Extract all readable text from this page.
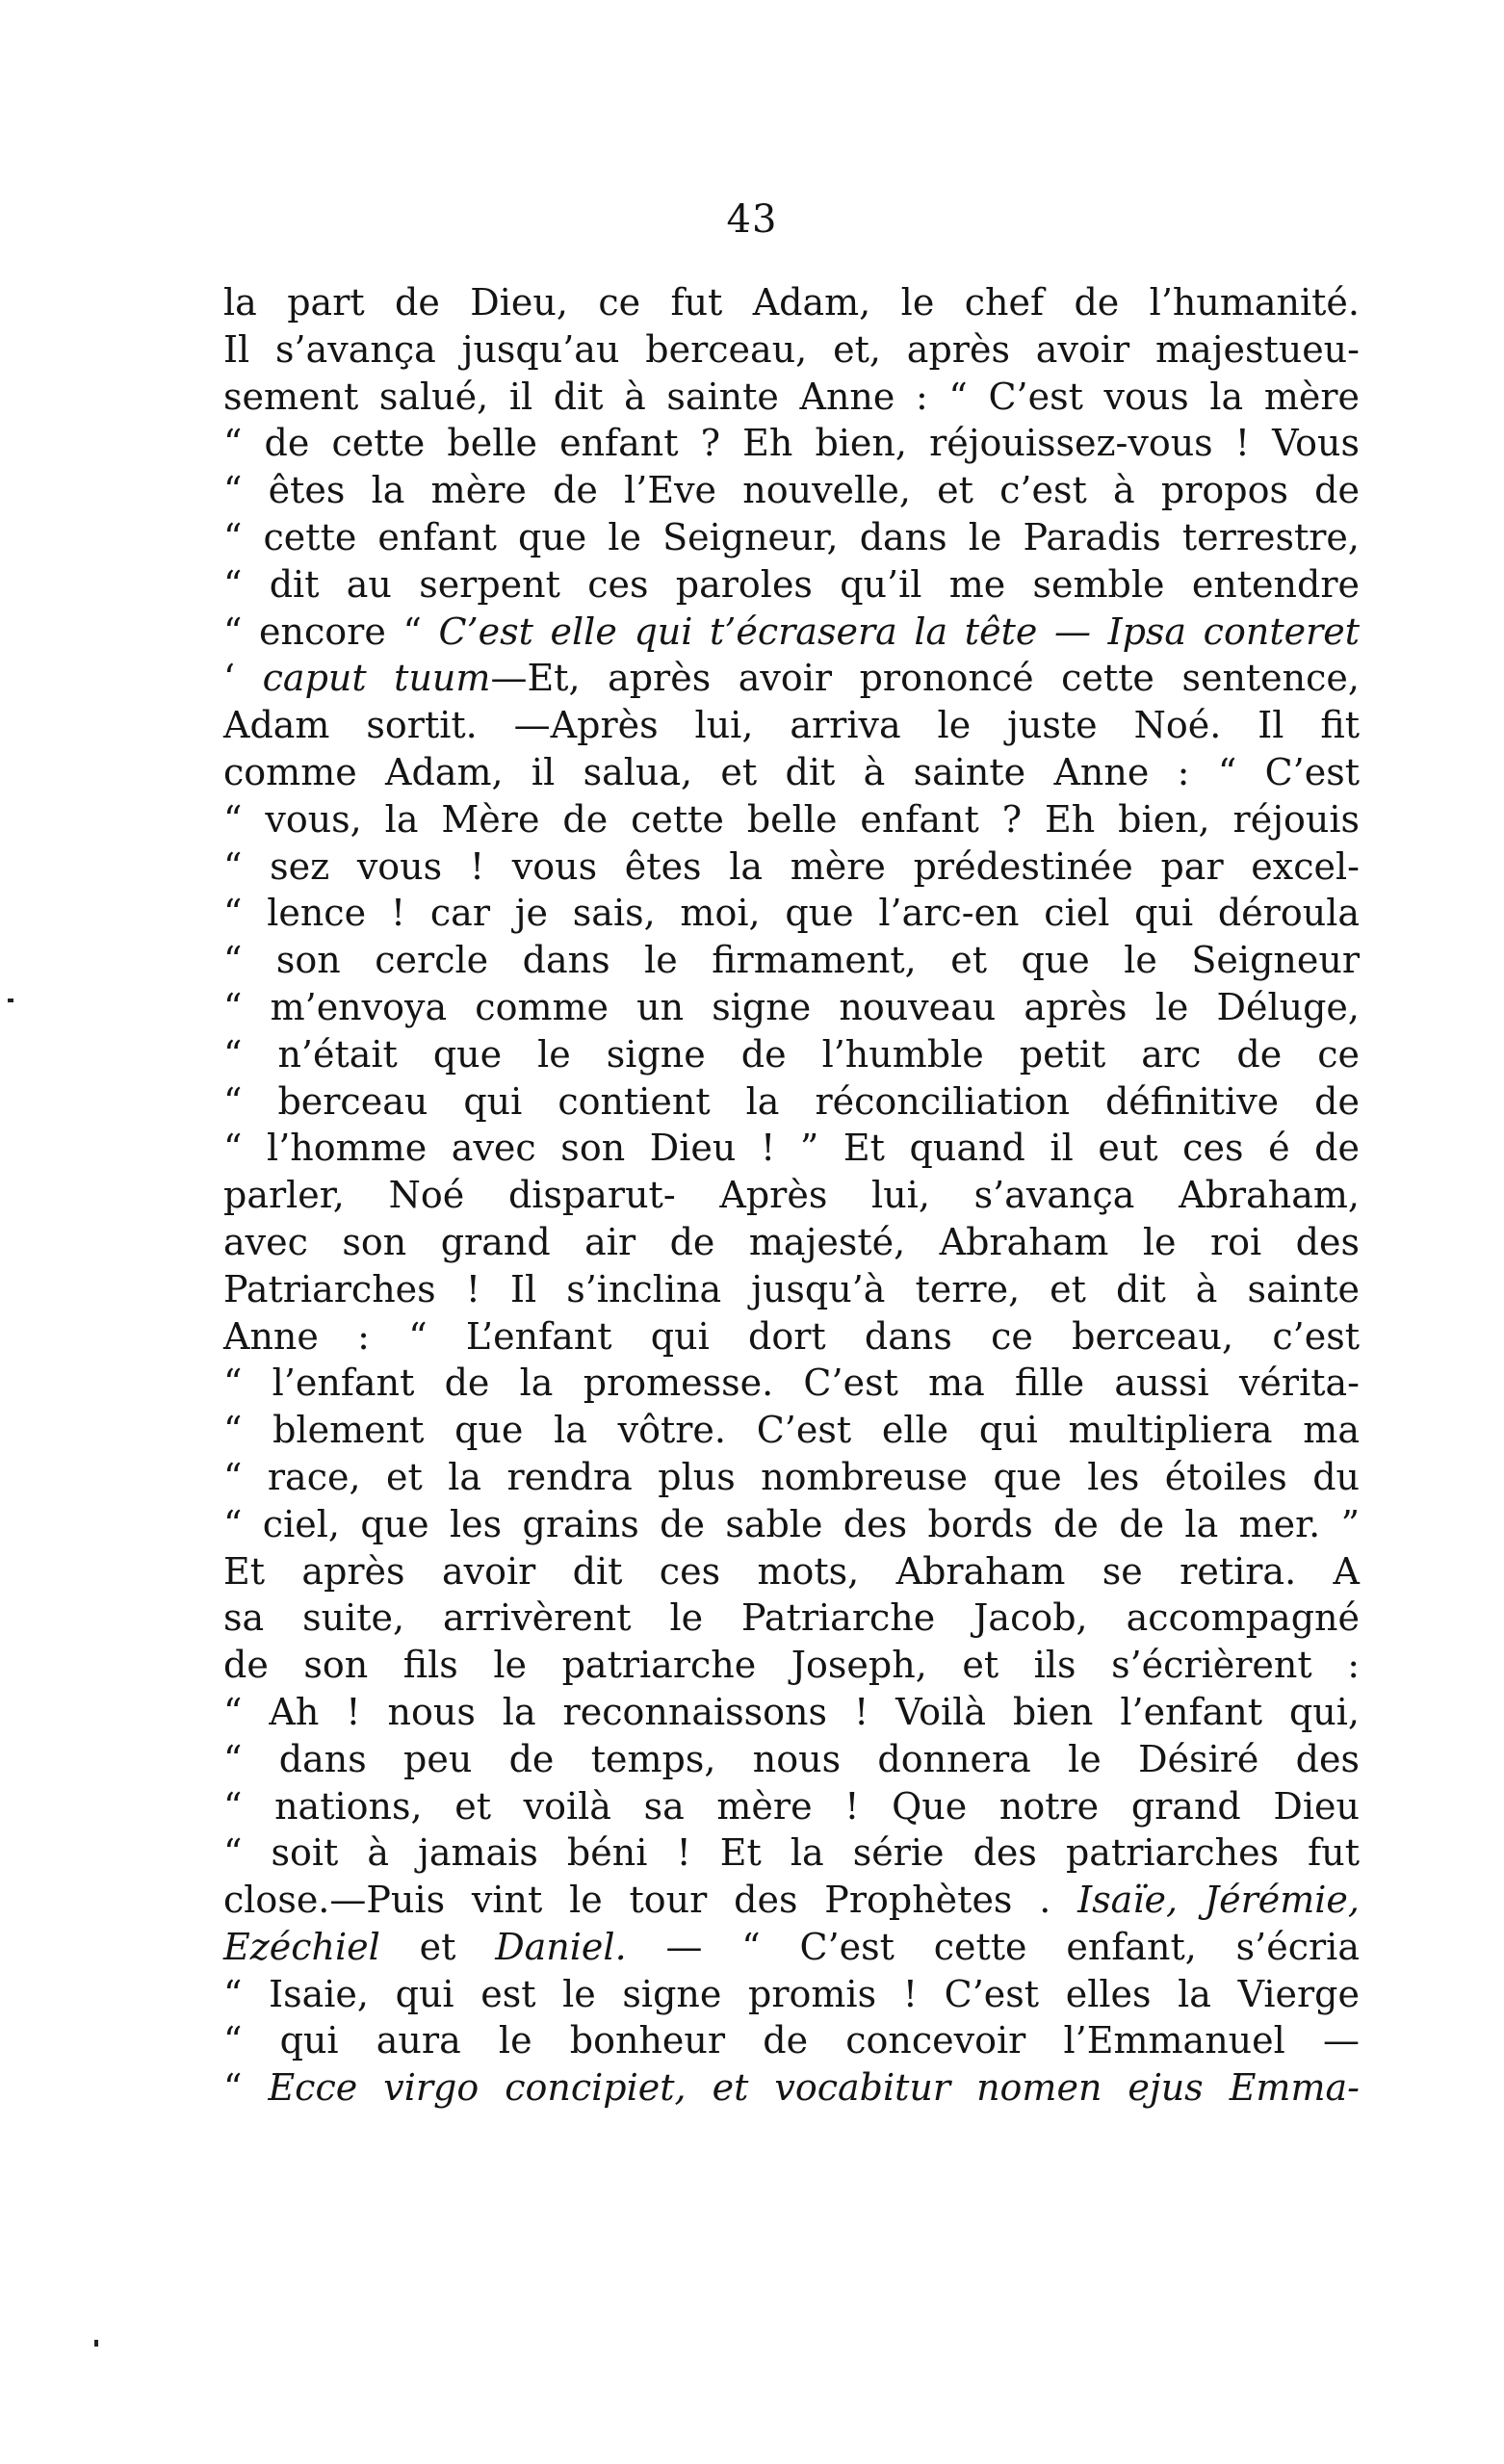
43
la part de Dieu, ce fut Adam, le chef de l’humanité.
Il s’avança jusqu’au berceau, et, après avoir majestueu-
sement salué, il dit à sainte Anne : “ C’est vous la mère
“ de cette belle enfant ? Eh bien, réjouissez-vous ! Vous
“ êtes la mère de l’Eve nouvelle, et c’est à propos de
“ cette enfant que le Seigneur, dans le Paradis terrestre,
“ dit au serpent ces paroles qu’il me semble entendre
“ encore “ C’est elle qui t’écrasera la tête — Ipsa conteret
‘ caput tuum—Et, après avoir prononcé cette sentence,
Adam sortit. —Après lui, arriva le juste Noé. Il fit
comme Adam, il salua, et dit à sainte Anne : “ C’est
“ vous, la Mère de cette belle enfant ? Eh bien, réjouis
“ sez vous ! vous êtes la mère prédestinée par excel-
“ lence ! car je sais, moi, que l’arc-en ciel qui déroula
“ son cercle dans le firmament, et que le Seigneur
“ m’envoya comme un signe nouveau après le Déluge,
“ n’était que le signe de l’humble petit arc de ce
“ berceau qui contient la réconciliation définitive de
“ l’homme avec son Dieu ! ” Et quand il eut ces é de
parler, Noé disparut- Après lui, s’avança Abraham,
avec son grand air de majesté, Abraham le roi des
Patriarches ! Il s’inclina jusqu’à terre, et dit à sainte
Anne : “ L’enfant qui dort dans ce berceau, c’est
“ l’enfant de la promesse. C’est ma fille aussi vérita-
“ blement que la vôtre. C’est elle qui multipliera ma
“ race, et la rendra plus nombreuse que les étoiles du
“ ciel, que les grains de sable des bords de de la mer. ”
Et après avoir dit ces mots, Abraham se retira. A
sa suite, arrivèrent le Patriarche Jacob, accompagné
de son fils le patriarche Joseph, et ils s’écrièrent :
“ Ah ! nous la reconnaissons ! Voilà bien l’enfant qui,
“ dans peu de temps, nous donnera le Désiré des
“ nations, et voilà sa mère ! Que notre grand Dieu
“ soit à jamais béni ! Et la série des patriarches fut
close.—Puis vint le tour des Prophètes . Isaïe, Jérémie,
Ezéchiel et Daniel. — “ C’est cette enfant, s’écria
“ Isaie, qui est le signe promis ! C’est elles la Vierge
“ qui aura le bonheur de concevoir l’Emmanuel —
“ Ecce virgo concipiet, et vocabitur nomen ejus Emma-
